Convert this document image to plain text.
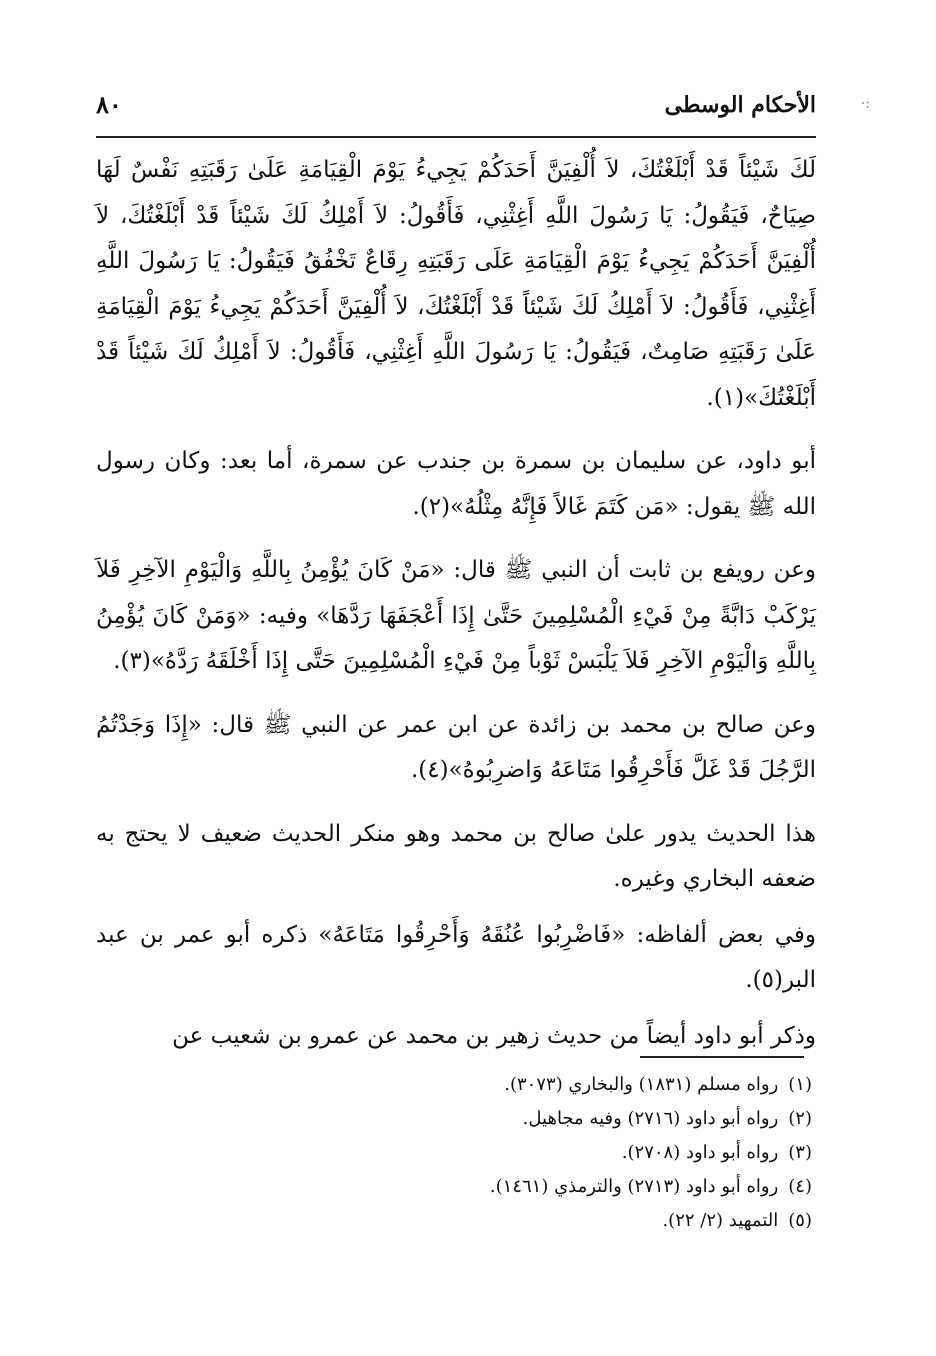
٨٠	الأحكام الوسطى	·:

لَكَ شَيْئاً قَدْ أَبْلَغْتُكَ، لاَ أُلْفِيَنَّ أَحَدَكُمْ يَجِيءُ يَوْمَ الْقِيَامَةِ عَلَىٰ رَقَبَتِهِ نَفْسٌ لَهَا صِيَاحٌ، فَيَقُولُ: يَا رَسُولَ اللَّهِ أَغِثْنِي، فَأَقُولُ: لاَ أَمْلِكُ لَكَ شَيْئاً قَدْ أَبْلَغْتُكَ، لاَ أُلْفِيَنَّ أَحَدَكُمْ يَجِيءُ يَوْمَ الْقِيَامَةِ عَلَى رَقَبَتِهِ رِقَاعٌ تَخْفُقُ فَيَقُولُ: يَا رَسُولَ اللَّهِ أَغِثْنِي، فَأَقُولُ: لاَ أَمْلِكُ لَكَ شَيْئاً قَدْ أَبْلَغْتُكَ، لاَ أُلْفِيَنَّ أَحَدَكُمْ يَجِيءُ يَوْمَ الْقِيَامَةِ عَلَىٰ رَقَبَتِهِ صَامِتٌ، فَيَقُولُ: يَا رَسُولَ اللَّهِ أَغِثْنِي، فَأَقُولُ: لاَ أَمْلِكُ لَكَ شَيْئاً قَدْ أَبْلَغْتُكَ»(١).

أبو داود، عن سليمان بن سمرة بن جندب عن سمرة، أما بعد: وكان رسول الله ﷺ يقول: «مَن كَتَمَ غَالاً فَإِنَّهُ مِثْلُهُ»(٢).

وعن رويفع بن ثابت أن النبي ﷺ قال: «مَنْ كَانَ يُؤْمِنُ بِاللَّهِ وَالْيَوْمِ الآخِرِ فَلاَ يَرْكَبْ دَابَّةً مِنْ فَيْءِ الْمُسْلِمِينَ حَتَّىٰ إِذَا أَعْجَفَهَا رَدَّهَا» وفيه: «وَمَنْ كَانَ يُؤْمِنُ بِاللَّهِ وَالْيَوْمِ الآخِرِ فَلاَ يَلْبَسْ ثَوْباً مِنْ فَيْءِ الْمُسْلِمِينَ حَتَّى إِذَا أَخْلَقَهُ رَدَّهُ»(٣).

وعن صالح بن محمد بن زائدة عن ابن عمر عن النبي ﷺ قال: «إِذَا وَجَدْتُمُ الرَّجُلَ قَدْ غَلَّ فَأَحْرِقُوا مَتَاعَهُ وَاضرِبُوهُ»(٤).

هذا الحديث يدور علىٰ صالح بن محمد وهو منكر الحديث ضعيف لا يحتج به ضعفه البخاري وغيره.

وفي بعض ألفاظه: «فَاضْرِبُوا عُنُقَهُ وَأَحْرِقُوا مَتَاعَهُ» ذكره أبو عمر بن عبد البر(٥).

وذكر أبو داود أيضاً من حديث زهير بن محمد عن عمرو بن شعيب عن

(١)رواه مسلم (١٨٣١) والبخاري (٣٠٧٣).

(٢)رواه أبو داود (٢٧١٦) وفيه مجاهيل.

(٣)رواه أبو داود (٢٧٠٨).

(٤)رواه أبو داود (٢٧١٣) والترمذي (١٤٦١).

(٥)التمهيد (٢/ ٢٢).
